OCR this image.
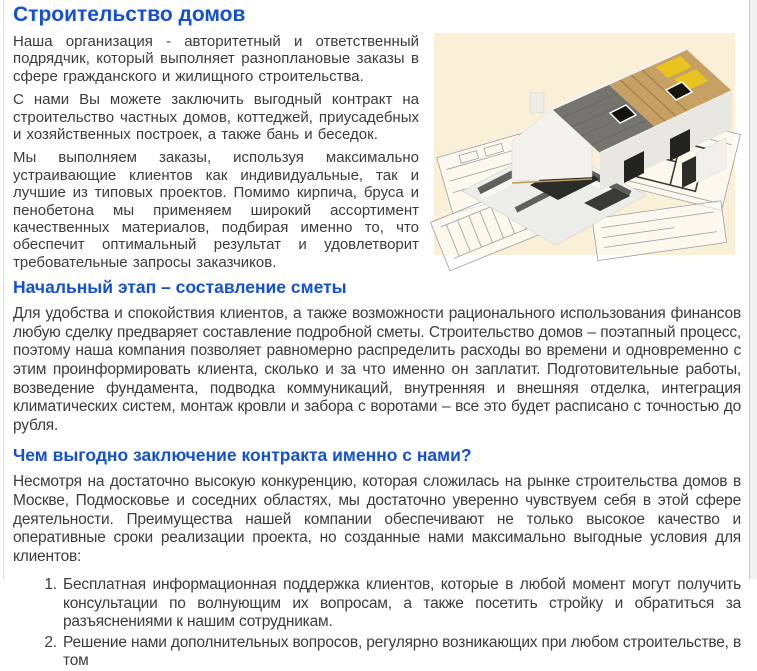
Строительство домов

Наша организация - авторитетный и ответственный подрядчик, который выполняет разноплановые заказы в сфере гражданского и жилищного строительства.

С нами Вы можете заключить выгодный контракт на строительство частных домов, коттеджей, приусадебных и хозяйственных построек, а также бань и беседок.

Мы выполняем заказы, используя максимально устраивающие клиентов как индивидуальные, так и лучшие из типовых проектов. Помимо кирпича, бруса и пенобетона мы применяем широкий ассортимент качественных материалов, подбирая именно то, что обеспечит оптимальный результат и удовлетворит требовательные запросы заказчиков.

Начальный этап – составление сметы

Для удобства и спокойствия клиентов, а также возможности рационального использования финансов любую сделку предваряет составление подробной сметы. Строительство домов – поэтапный процесс, поэтому наша компания позволяет равномерно распределить расходы во времени и одновременно с этим проинформировать клиента, сколько и за что именно он заплатит. Подготовительные работы, возведение фундамента, подводка коммуникаций, внутренняя и внешняя отделка, интеграция климатических систем, монтаж кровли и забора с воротами – все это будет расписано с точностью до рубля.

Чем выгодно заключение контракта именно с нами?

Несмотря на достаточно высокую конкуренцию, которая сложилась на рынке строительства домов в Москве, Подмосковье и соседних областях, мы достаточно уверенно чувствуем себя в этой сфере деятельности. Преимущества нашей компании обеспечивают не только высокое качество и оперативные сроки реализации проекта, но созданные нами максимально выгодные условия для клиентов:

1. Бесплатная информационная поддержка клиентов, которые в любой момент могут получить консультации по волнующим их вопросам, а также посетить стройку и обратиться за разъяснениями к нашим сотрудникам.
2. Решение нами дополнительных вопросов, регулярно возникающих при любом строительстве, в том
